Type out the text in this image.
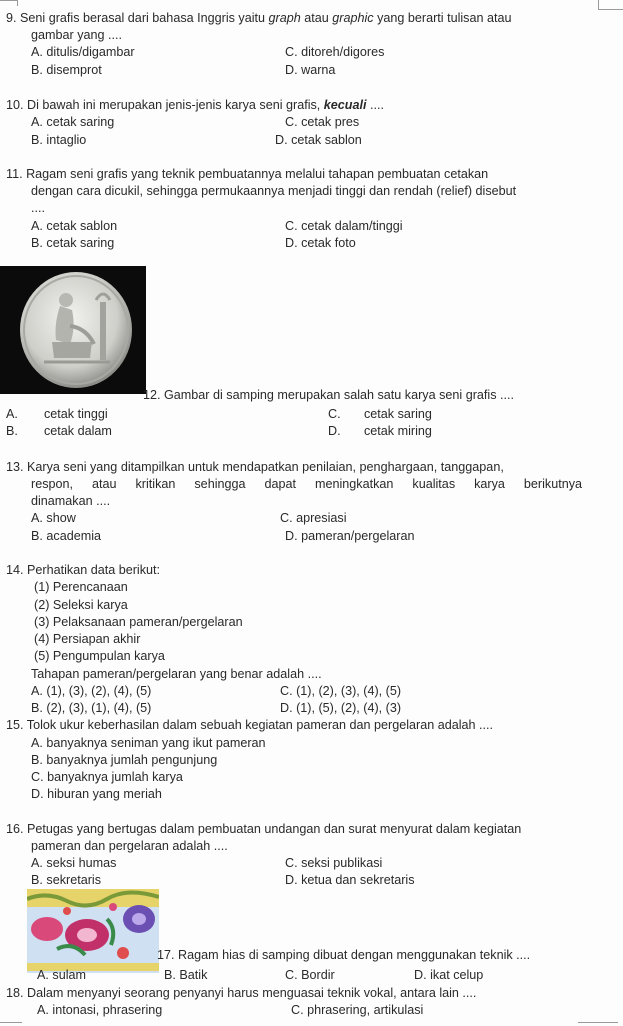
9. Seni grafis berasal dari bahasa Inggris yaitu graph atau graphic yang berarti tulisan atau
gambar yang ....
A. ditulis/digambar	C. ditoreh/digores
B. disemprot	D. warna
10. Di bawah ini merupakan jenis-jenis karya seni grafis, kecuali ....
A. cetak saring	C. cetak pres
B. intaglio	D. cetak sablon
11. Ragam seni grafis yang teknik pembuatannya melalui tahapan pembuatan cetakan
dengan cara dicukil, sehingga permukaannya menjadi tinggi dan rendah (relief) disebut
....
A. cetak sablon	C. cetak dalam/tinggi
B. cetak saring	D. cetak foto
12. Gambar di samping merupakan salah satu karya seni grafis ....
A. cetak tinggi	C. cetak saring
B. cetak dalam	D. cetak miring
13. Karya seni yang ditampilkan untuk mendapatkan penilaian, penghargaan, tanggapan,
respon, atau kritikan sehingga dapat meningkatkan kualitas karya berikutnya
dinamakan ....
A. show	C. apresiasi
B. academia	D. pameran/pergelaran
14. Perhatikan data berikut:
(1) Perencanaan
(2) Seleksi karya
(3) Pelaksanaan pameran/pergelaran
(4) Persiapan akhir
(5) Pengumpulan karya
Tahapan pameran/pergelaran yang benar adalah ....
A. (1), (3), (2), (4), (5)	C. (1), (2), (3), (4), (5)
B. (2), (3), (1), (4), (5)	D. (1), (5), (2), (4), (3)
15. Tolok ukur keberhasilan dalam sebuah kegiatan pameran dan pergelaran adalah ....
A. banyaknya seniman yang ikut pameran
B. banyaknya jumlah pengunjung
C. banyaknya jumlah karya
D. hiburan yang meriah
16. Petugas yang bertugas dalam pembuatan undangan dan surat menyurat dalam kegiatan
pameran dan pergelaran adalah ....
A. seksi humas	C. seksi publikasi
B. sekretaris	D. ketua dan sekretaris
17. Ragam hias di samping dibuat dengan menggunakan teknik ....
A. sulam	B. Batik	C. Bordir	D. ikat celup
18. Dalam menyanyi seorang penyanyi harus menguasai teknik vokal, antara lain ....
A. intonasi, phrasering	C. phrasering, artikulasi
